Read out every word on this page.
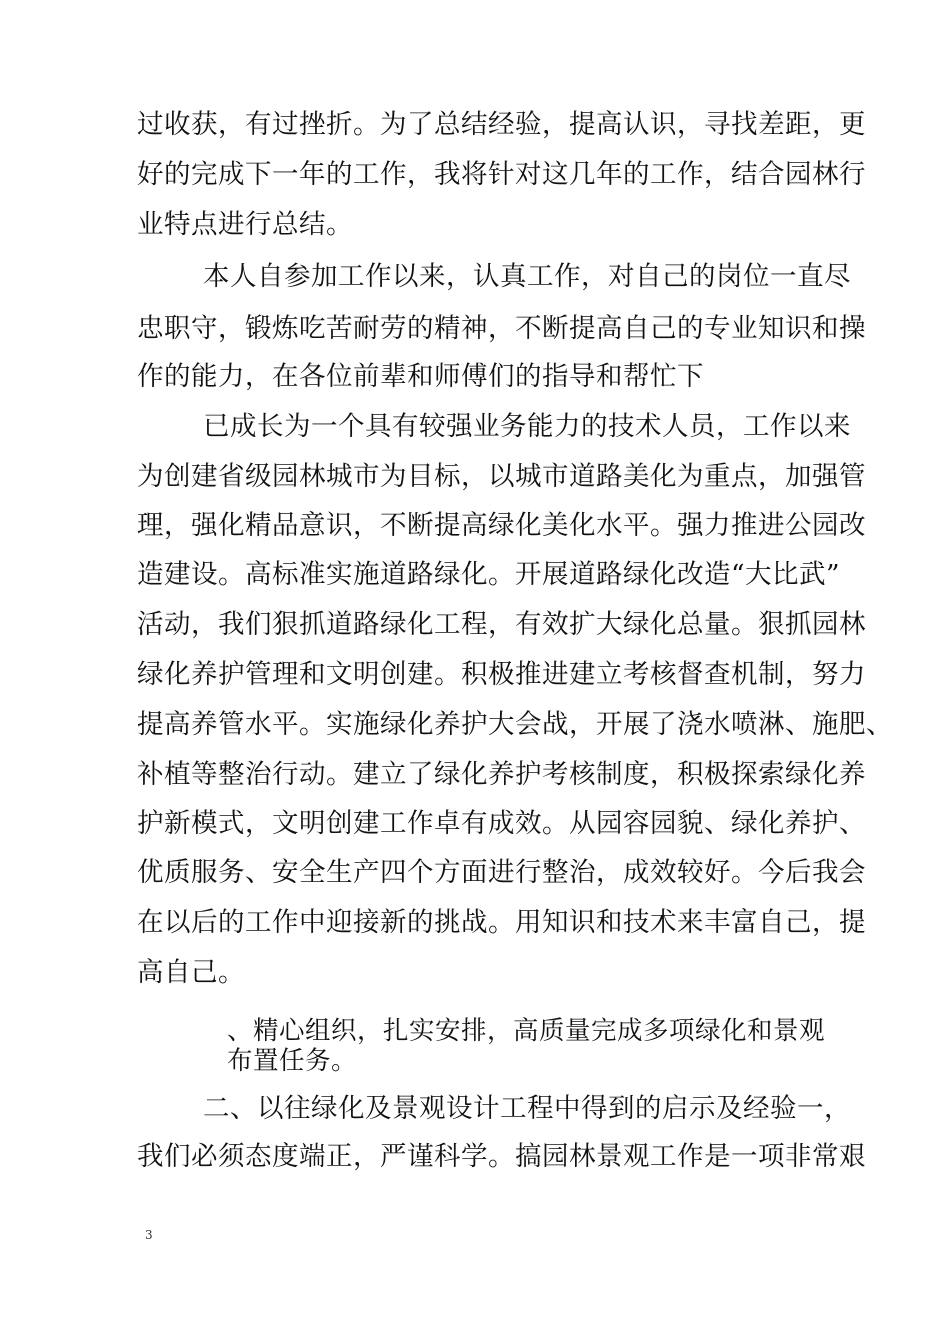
过收获，有过挫折。为了总结经验，提高认识，寻找差距，更
好的完成下一年的工作，我将针对这几年的工作，结合园林行
业特点进行总结。
本人自参加工作以来，认真工作，对自己的岗位一直尽
忠职守，锻炼吃苦耐劳的精神，不断提高自己的专业知识和操
作的能力，在各位前辈和师傅们的指导和帮忙下
已成长为一个具有较强业务能力的技术人员，工作以来
为创建省级园林城市为目标，以城市道路美化为重点，加强管
理，强化精品意识，不断提高绿化美化水平。强力推进公园改
造建设。高标准实施道路绿化。开展道路绿化改造“大比武”
活动，我们狠抓道路绿化工程，有效扩大绿化总量。狠抓园林
绿化养护管理和文明创建。积极推进建立考核督查机制，努力
提高养管水平。实施绿化养护大会战，开展了浇水喷淋、施肥、
补植等整治行动。建立了绿化养护考核制度，积极探索绿化养
护新模式，文明创建工作卓有成效。从园容园貌、绿化养护、
优质服务、安全生产四个方面进行整治，成效较好。今后我会
在以后的工作中迎接新的挑战。用知识和技术来丰富自己，提
高自己。
、精心组织，扎实安排，高质量完成多项绿化和景观
布置任务。
二、以往绿化及景观设计工程中得到的启示及经验一，
我们必须态度端正，严谨科学。搞园林景观工作是一项非常艰
3
